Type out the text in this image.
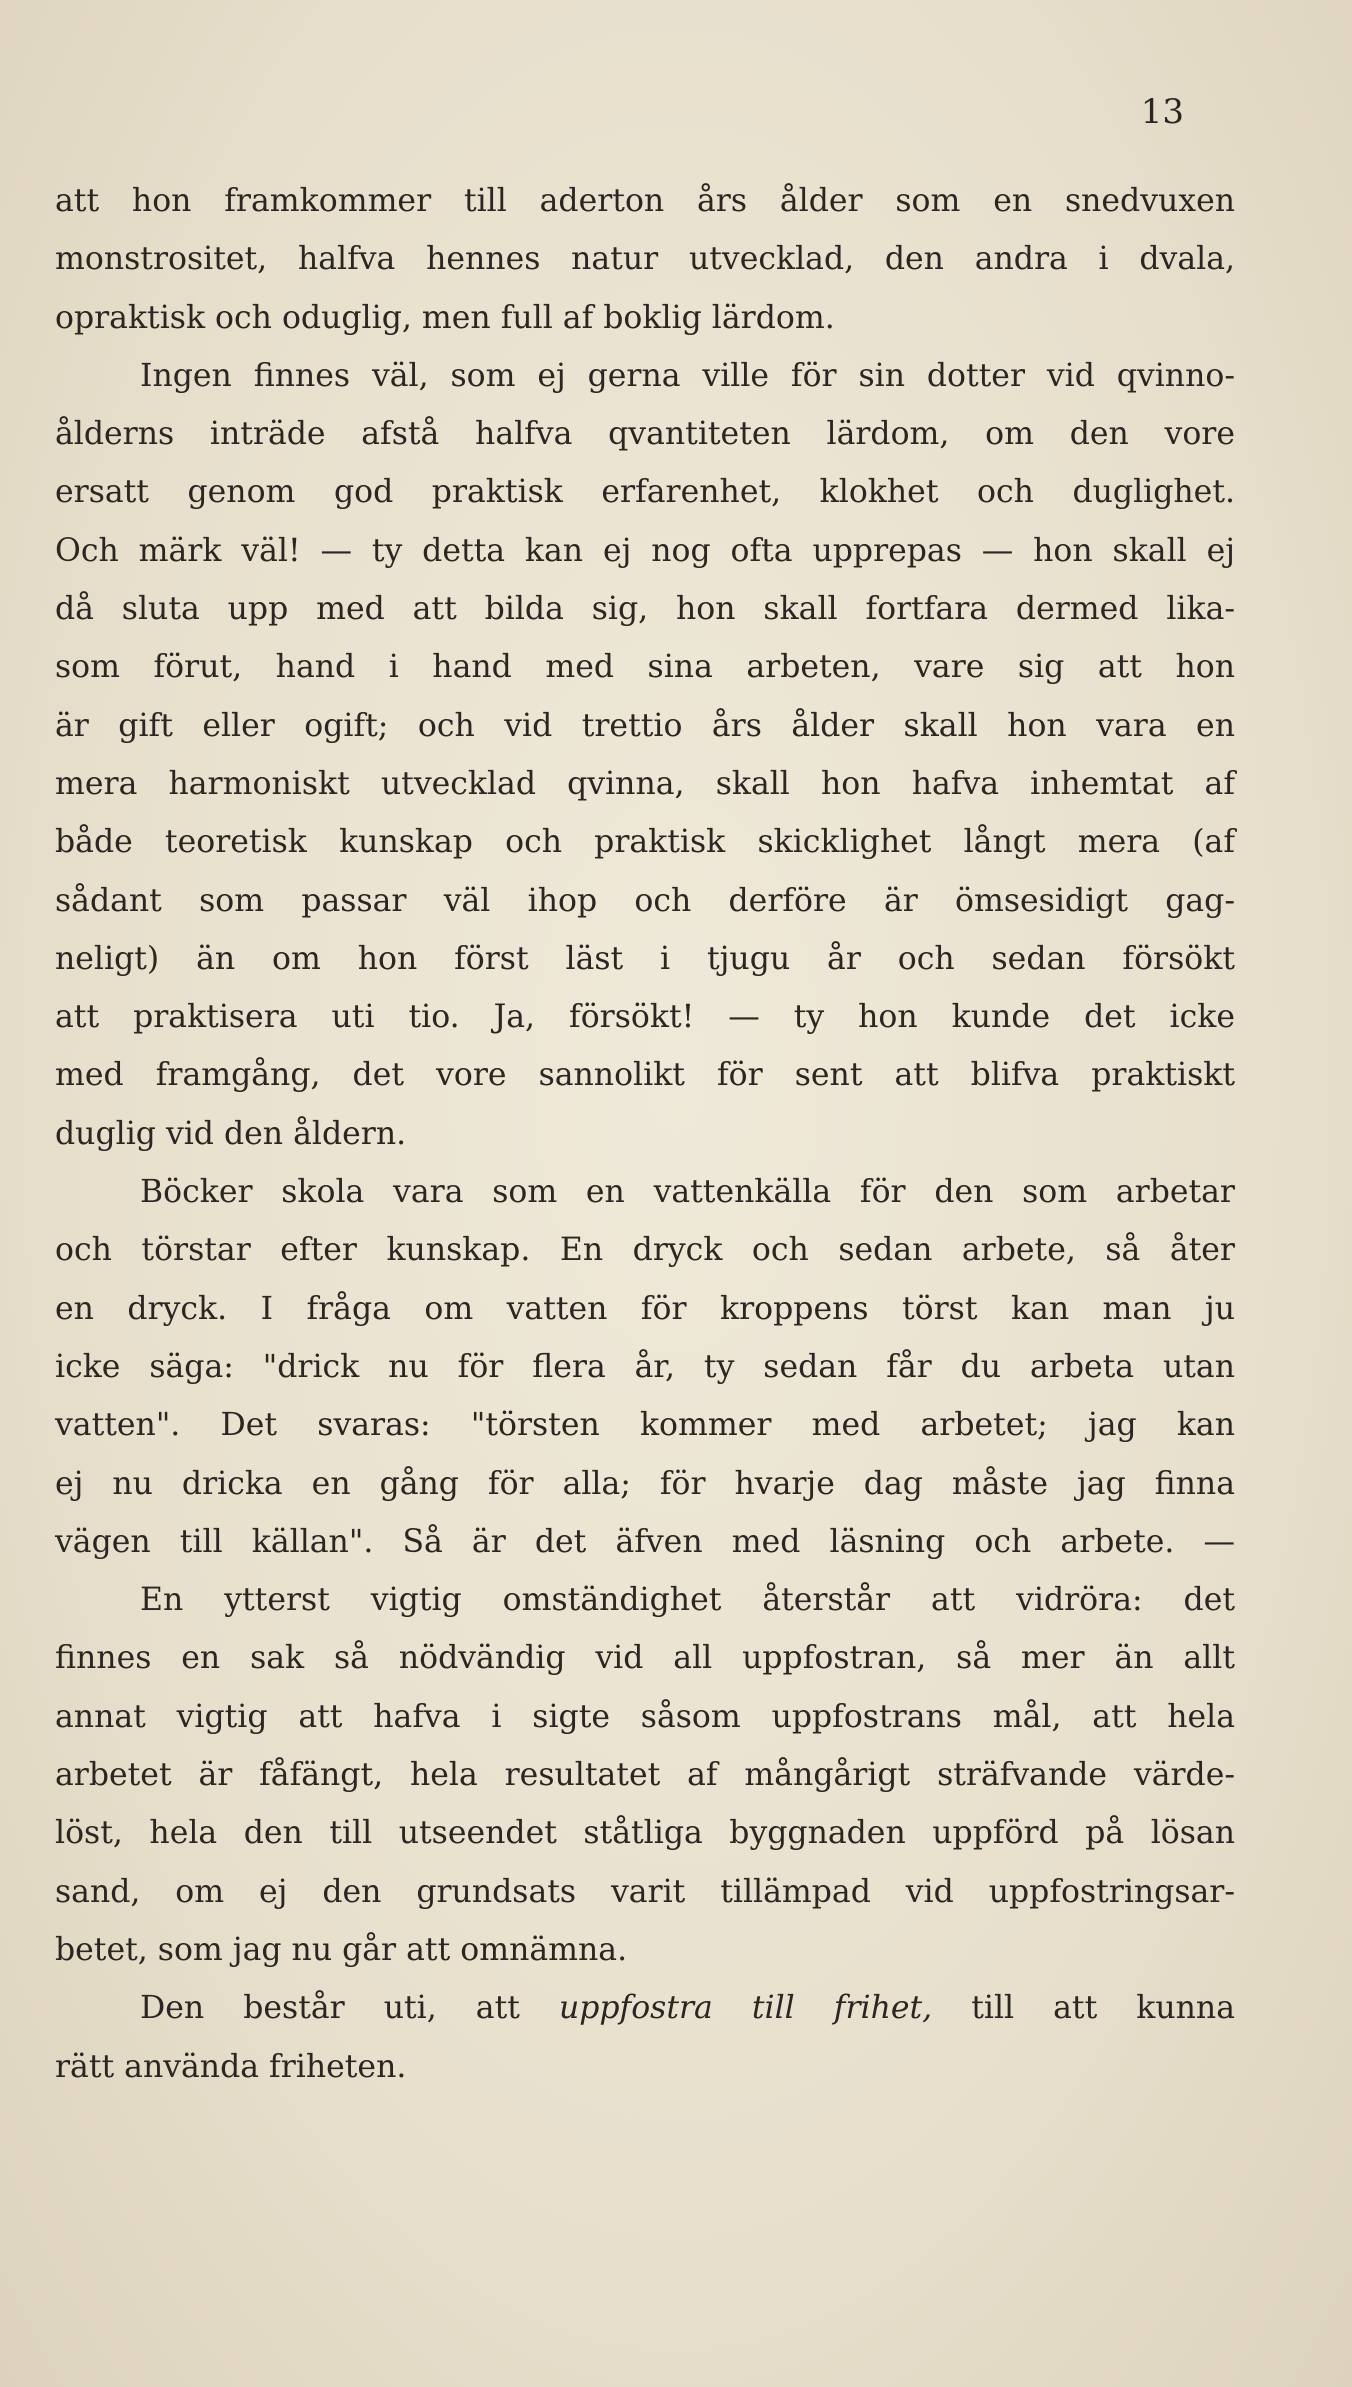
13
att hon framkommer till aderton års ålder som en snedvuxen
monstrositet, halfva hennes natur utvecklad, den andra i dvala,
opraktisk och oduglig, men full af boklig lärdom.
Ingen finnes väl, som ej gerna ville för sin dotter vid qvinno-
ålderns inträde afstå halfva qvantiteten lärdom, om den vore
ersatt genom god praktisk erfarenhet, klokhet och duglighet.
Och märk väl! — ty detta kan ej nog ofta upprepas — hon skall ej
då sluta upp med att bilda sig, hon skall fortfara dermed lika-
som förut, hand i hand med sina arbeten, vare sig att hon
är gift eller ogift; och vid trettio års ålder skall hon vara en
mera harmoniskt utvecklad qvinna, skall hon hafva inhemtat af
både teoretisk kunskap och praktisk skicklighet långt mera (af
sådant som passar väl ihop och derföre är ömsesidigt gag-
neligt) än om hon först läst i tjugu år och sedan försökt
att praktisera uti tio. Ja, försökt! — ty hon kunde det icke
med framgång, det vore sannolikt för sent att blifva praktiskt
duglig vid den åldern.
Böcker skola vara som en vattenkälla för den som arbetar
och törstar efter kunskap. En dryck och sedan arbete, så åter
en dryck. I fråga om vatten för kroppens törst kan man ju
icke säga: "drick nu för flera år, ty sedan får du arbeta utan
vatten". Det svaras: "törsten kommer med arbetet; jag kan
ej nu dricka en gång för alla; för hvarje dag måste jag finna
vägen till källan". Så är det äfven med läsning och arbete. —
En ytterst vigtig omständighet återstår att vidröra: det
finnes en sak så nödvändig vid all uppfostran, så mer än allt
annat vigtig att hafva i sigte såsom uppfostrans mål, att hela
arbetet är fåfängt, hela resultatet af mångårigt sträfvande värde-
löst, hela den till utseendet ståtliga byggnaden uppförd på lösan
sand, om ej den grundsats varit tillämpad vid uppfostringsar-
betet, som jag nu går att omnämna.
Den består uti, att uppfostra till frihet, till att kunna
rätt använda friheten.
